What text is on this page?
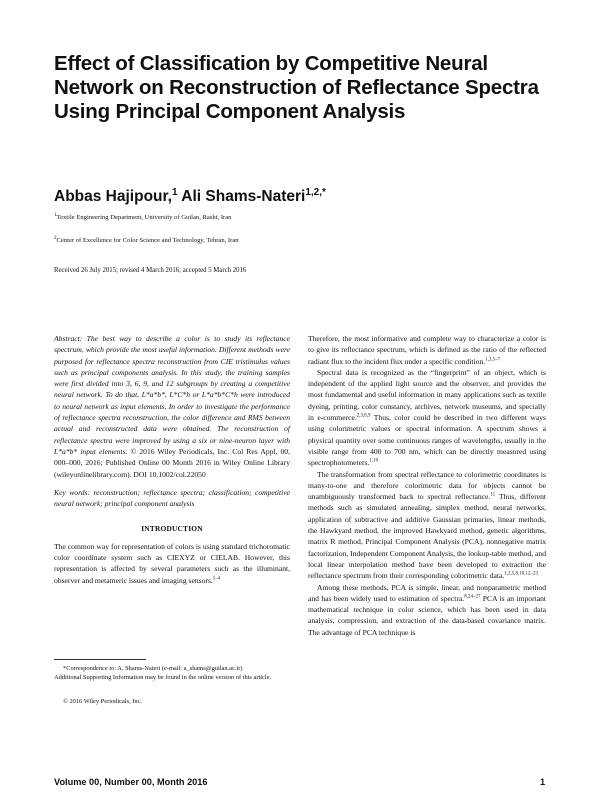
Effect of Classification by Competitive Neural Network on Reconstruction of Reflectance Spectra Using Principal Component Analysis
Abbas Hajipour,$^1$ Ali Shams-Nateri$^{1,2,*}$
$^1$Textile Engineering Department, University of Guilan, Rasht, Iran
$^2$Center of Excellence for Color Science and Technology, Tehran, Iran
Received 26 July 2015; revised 4 March 2016; accepted 5 March 2016

Abstract: The best way to describe a color is to study its reflectance spectrum, which provide the most useful information. Different methods were purposed for reflectance spectra reconstruction from CIE tristimulus values such as principal components analysis. In this study, the training samples were first divided into 3, 6, 9, and 12 subgroups by creating a competitive neural network. To do that, L*a*b*, L*C*h or L*a*b*C*h were introduced to neural network as input elements. In order to investigate the performance of reflectance spectra reconstruction, the color difference and RMS between actual and reconstructed data were obtained. The reconstruction of reflectance spectra were improved by using a six or nine-neuron layer with L*a*b* input elements. © 2016 Wiley Periodicals, Inc. Col Res Appl, 00, 000–000, 2016; Published Online 00 Month 2016 in Wiley Online Library (wileyonlinelibrary.com). DOI 10.1002/col.22050

Key words: reconstruction; reflectance spectra; classification; competitive neural network; principal component analysis

INTRODUCTION

The common way for representation of colors is using standard trichoromatic color coordinate system such as CIEXYZ or CIELAB. However, this representation is affected by several parameters such as the illuminant, observer and metameric issues and imaging sensors.$^{1-4}$

*Correspondence to: A. Shams-Nateri (e-mail: a_shams@guilan.ac.ir)

Additional Supporting Information may be found in the online version of this article.

© 2016 Wiley Periodicals, Inc.

Therefore, the most informative and complete way to characterize a color is to give its reflectance spectrum, which is defined as the ratio of the reflected radiant flux to the incident flux under a specific condition.$^{1,3,5-7}$

Spectral data is recognized as the “fingerprint” of an object, which is independent of the applied light source and the observer, and provides the most fundamental and useful information in many applications such as textile dyeing, printing, color constancy, archives, network museums, and specially in e-commerce.$^{2,3,8,9}$ Thus, color could be described in two different ways using colorimetric values or spectral information. A spectrum shows a physical quantity over some continuous ranges of wavelengths, usually in the visible range from 400 to 700 nm, which can be directly measured using spectrophotometers.$^{1,10}$

The transformation from spectral reflectance to colorimetric coordinates is many-to-one and therefore colorimetric data for objects cannot be unambiguously transformed back to spectral reflectance.$^{11}$ Thus, different methods such as simulated annealing, simplex method, neural networks, application of subtractive and additive Gaussian primaries, linear methods, the Hawkyard method, the improved Hawkyard method, genetic algorithms, matrix R method, Principal Component Analysis (PCA), nonnegative matrix factorization, Independent Component Analysis, the lookup-table method, and local linear interpolation method have been developed to extraction the reflectance spectrum from their corresponding colorimetric data.$^{1,2,5,8,10,12-23}$

Among these methods, PCA is simple, linear, and nonparametric method and has been widely used to estimation of spectra.$^{8,24-27}$ PCA is an important mathematical technique in color science, which has been used in data analysis, compression, and extraction of the data-based covariance matrix. The advantage of PCA technique is

Volume 00, Number 00, Month 2016	1
